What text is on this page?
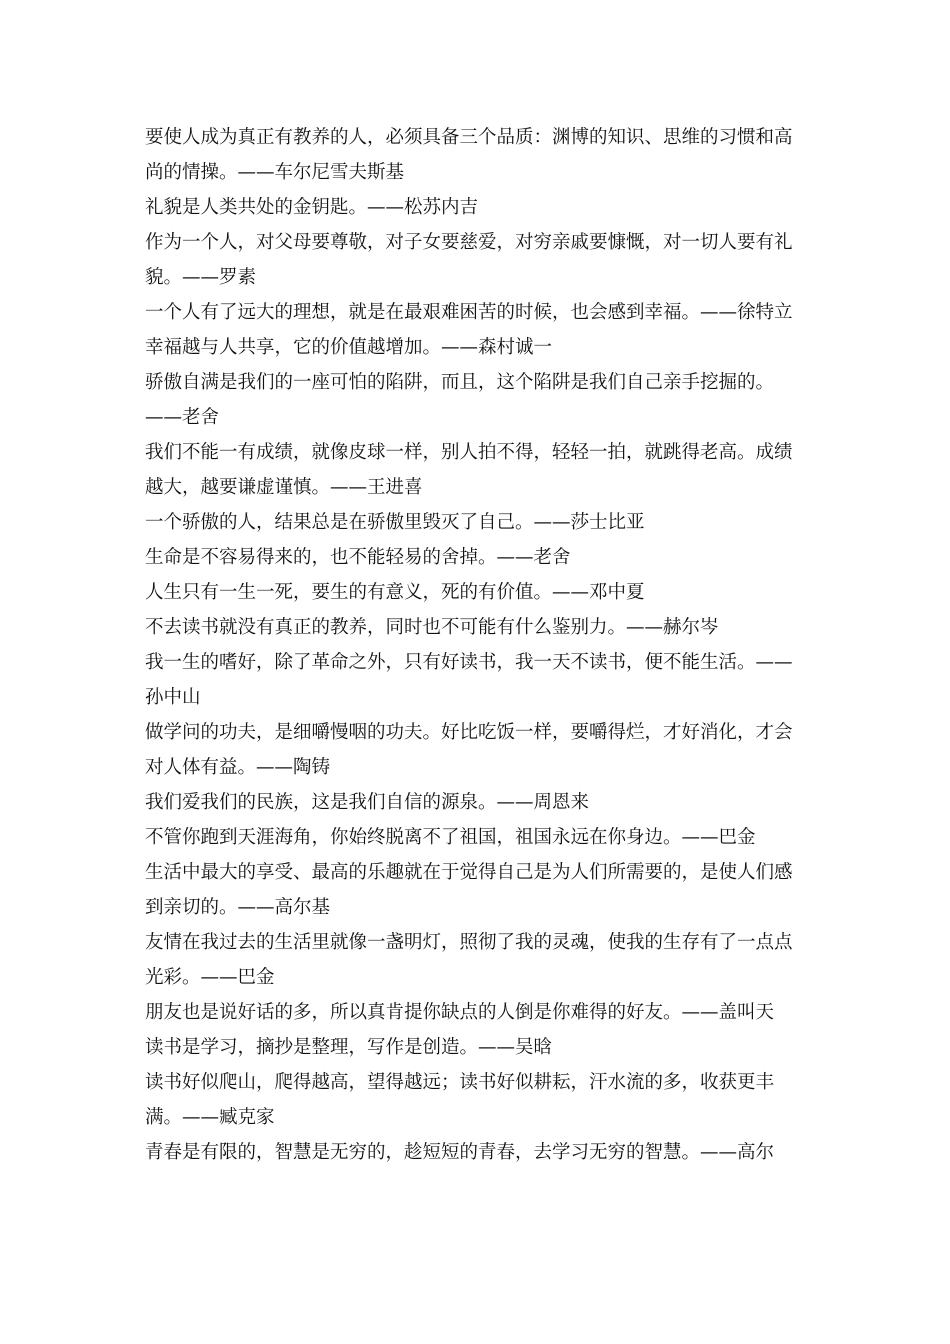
要使人成为真正有教养的人，必须具备三个品质：渊博的知识、思维的习惯和高尚的情操。——车尔尼雪夫斯基

礼貌是人类共处的金钥匙。——松苏内吉

作为一个人，对父母要尊敬，对子女要慈爱，对穷亲戚要慷慨，对一切人要有礼貌。——罗素

一个人有了远大的理想，就是在最艰难困苦的时候，也会感到幸福。——徐特立

幸福越与人共享，它的价值越增加。——森村诚一

骄傲自满是我们的一座可怕的陷阱，而且，这个陷阱是我们自己亲手挖掘的。——老舍

我们不能一有成绩，就像皮球一样，别人拍不得，轻轻一拍，就跳得老高。成绩越大，越要谦虚谨慎。——王进喜

一个骄傲的人，结果总是在骄傲里毁灭了自己。——莎士比亚

生命是不容易得来的，也不能轻易的舍掉。——老舍

人生只有一生一死，要生的有意义，死的有价值。——邓中夏

不去读书就没有真正的教养，同时也不可能有什么鉴别力。——赫尔岑

我一生的嗜好，除了革命之外，只有好读书，我一天不读书，便不能生活。——孙中山

做学问的功夫，是细嚼慢咽的功夫。好比吃饭一样，要嚼得烂，才好消化，才会对人体有益。——陶铸

我们爱我们的民族，这是我们自信的源泉。——周恩来

不管你跑到天涯海角，你始终脱离不了祖国，祖国永远在你身边。——巴金

生活中最大的享受、最高的乐趣就在于觉得自己是为人们所需要的，是使人们感到亲切的。——高尔基

友情在我过去的生活里就像一盏明灯，照彻了我的灵魂，使我的生存有了一点点光彩。——巴金

朋友也是说好话的多，所以真肯提你缺点的人倒是你难得的好友。——盖叫天

读书是学习，摘抄是整理，写作是创造。——吴晗

读书好似爬山，爬得越高，望得越远；读书好似耕耘，汗水流的多，收获更丰满。——臧克家

青春是有限的，智慧是无穷的，趁短短的青春，去学习无穷的智慧。——高尔
